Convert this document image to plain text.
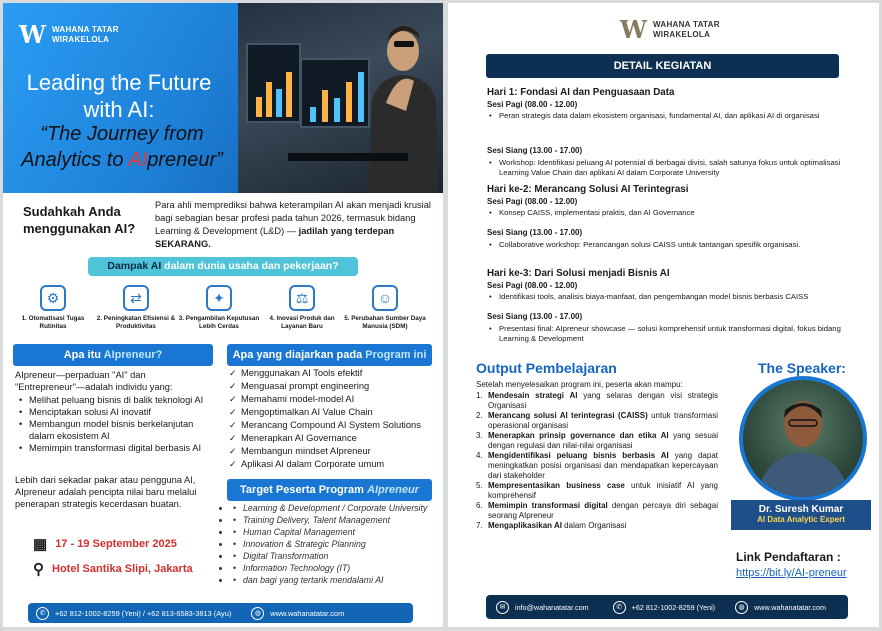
W WAHANA TATAR
WIRAKELOLA
Leading the Future
with AI:
“The Journey from
Analytics to AIpreneur”
Sudahkah Anda menggunakan AI?
Para ahli memprediksi bahwa keterampilan AI akan menjadi krusial bagi sebagian besar profesi pada tahun 2026, termasuk bidang Learning & Development (L&D) — jadilah yang terdepan SEKARANG.
Dampak AI dalam dunia usaha dan pekerjaan?
⚙
1. Otomatisasi Tugas Rutinitas
⇄
2. Peningkatan Efisiensi & Produktivitas
✦
3. Pengambilan Keputusan Lebih Cerdas
⚖
4. Inovasi Produk dan Layanan Baru
☺
5. Perubahan Sumber Daya Manusia (SDM)
Apa itu AIpreneur?
AIpreneur—perpaduan "AI" dan "Entrepreneur"—adalah individu yang:
• Melihat peluang bisnis di balik teknologi AI
• Menciptakan solusi AI inovatif
• Membangun model bisnis berkelanjutan dalam ekosistem AI
• Memimpin transformasi digital berbasis AI
Lebih dari sekadar pakar atau pengguna AI, AIpreneur adalah pencipta nilai baru melalui penerapan strategis kecerdasan buatan.
Apa yang diajarkan pada Program ini
✓ Menggunakan AI Tools efektif
✓ Menguasai prompt engineering
✓ Memahami model-model AI
✓ Mengoptimalkan AI Value Chain
✓ Merancang Compound AI System Solutions
✓ Menerapkan AI Governance
✓ Membangun mindset AIpreneur
✓ Aplikasi AI dalam Corporate umum
Target Peserta Program AIpreneur
• • Learning & Development / Corporate University
• • Training Delivery, Talent Management
• • Human Capital Management
• • Innovation & Strategic Planning
• • Digital Transformation
• • Information Technology (IT)
• • dan bagi yang tertarik mendalami AI
▦ 17 - 19 September 2025
⚲ Hotel Santika Slipi, Jakarta
✆	+62 812-1002-8259 (Yeni) / +62 813-6583-3813 (Ayu)	◍	www.wahanatatar.com
W WAHANA TATAR
WIRAKELOLA
DETAIL KEGIATAN
Hari 1: Fondasi AI dan Penguasaan Data
Sesi Pagi (08.00 - 12.00)
• Peran strategis data dalam ekosistem organisasi, fundamental AI, dan aplikasi AI di organisasi
Sesi Siang (13.00 - 17.00)
• Workshop: Identifikasi peluang AI potensial di berbagai divisi, salah satunya fokus untuk optimalisasi Learning Value Chain dan aplikasi AI dalam Corporate University
Hari ke-2: Merancang Solusi AI Terintegrasi
Sesi Pagi (08.00 - 12.00)
• Konsep CAISS, implementasi praktis, dan AI Governance
Sesi Siang (13.00 - 17.00)
• Collaborative workshop: Perancangan solusi CAISS untuk tantangan spesifik organisasi.
Hari ke-3: Dari Solusi menjadi Bisnis AI
Sesi Pagi (08.00 - 12.00)
• Identifikasi tools, analisis biaya-manfaat, dan pengembangan model bisnis berbasis CAISS
Sesi Siang (13.00 - 17.00)
• Presentasi final: AIpreneur showcase — solusi komprehensif untuk transformasi digital, fokus bidang Learning & Development
Output Pembelajaran
Setelah menyelesaikan program ini, peserta akan mampu:
Mendesain strategi AI yang selaras dengan visi strategis Organisasi
Merancang solusi AI terintegrasi (CAISS) untuk transformasi operasional organisasi
Menerapkan prinsip governance dan etika AI yang sesuai dengan regulasi dan nilai-nilai organisasi
Mengidentifikasi peluang bisnis berbasis AI yang dapat meningkatkan posisi organisasi dan mendapatkan kepercayaan dari stakeholder
Mempresentasikan business case untuk inisiatif AI yang komprehensif
Memimpin transformasi digital dengan percaya diri sebagai seorang AIpreneur
Mengaplikasikan AI dalam Organisasi
The Speaker:
Dr. Suresh Kumar
AI Data Analytic Expert
Link Pendaftaran :
https://bit.ly/AI-preneur
✉	info@wahanatatar.com	✆	+62 812-1002-8259 (Yeni)	◍	www.wahanatatar.com
